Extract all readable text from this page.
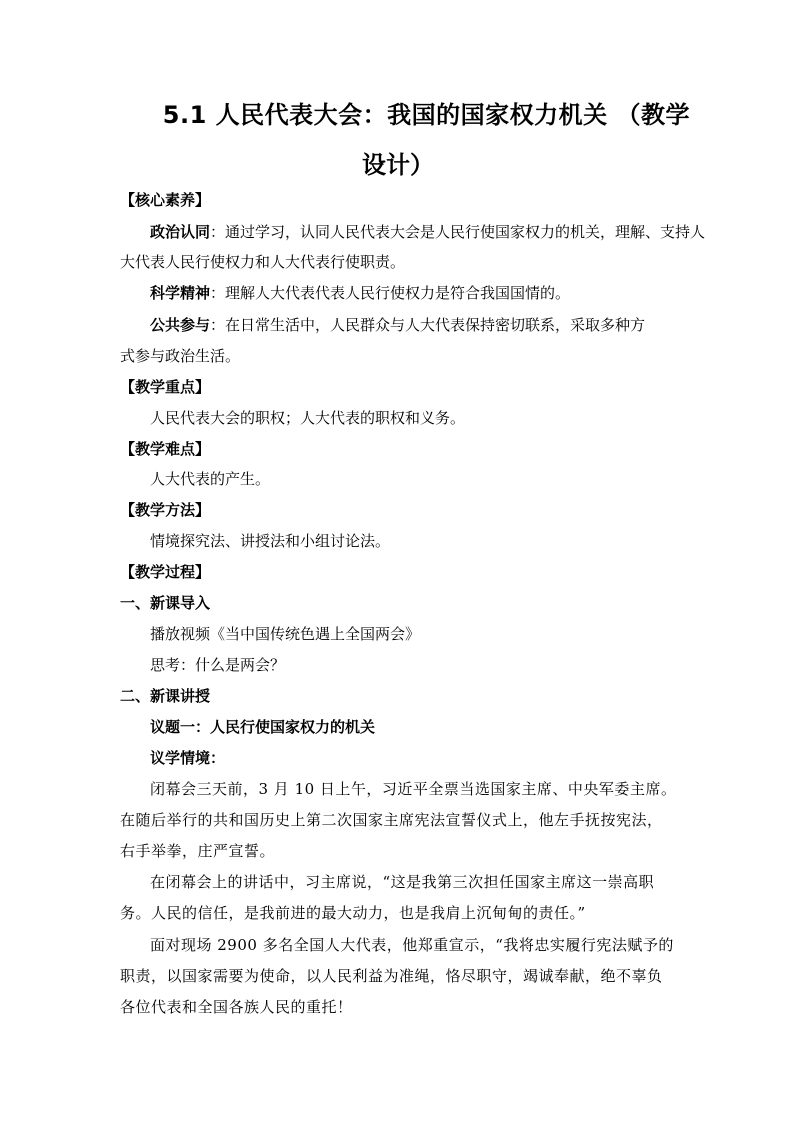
5.1 人民代表大会：我国的国家权力机关 （教学
设计）
【核心素养】
政治认同：通过学习，认同人民代表大会是人民行使国家权力的机关，理解、支持人
大代表人民行使权力和人大代表行使职责。
科学精神：理解人大代表代表人民行使权力是符合我国国情的。
公共参与：在日常生活中，人民群众与人大代表保持密切联系，采取多种方
式参与政治生活。
【教学重点】
人民代表大会的职权；人大代表的职权和义务。
【教学难点】
人大代表的产生。
【教学方法】
情境探究法、讲授法和小组讨论法。
【教学过程】
一、新课导入
播放视频《当中国传统色遇上全国两会》
思考：什么是两会？
二、新课讲授
议题一：人民行使国家权力的机关
议学情境：
闭幕会三天前，3 月 10 日上午，习近平全票当选国家主席、中央军委主席。
在随后举行的共和国历史上第二次国家主席宪法宣誓仪式上，他左手抚按宪法，
右手举拳，庄严宣誓。
在闭幕会上的讲话中，习主席说，“这是我第三次担任国家主席这一崇高职
务。人民的信任，是我前进的最大动力，也是我肩上沉甸甸的责任。”
面对现场 2900 多名全国人大代表，他郑重宣示，“我将忠实履行宪法赋予的
职责，以国家需要为使命，以人民利益为准绳，恪尽职守，竭诚奉献，绝不辜负
各位代表和全国各族人民的重托！
